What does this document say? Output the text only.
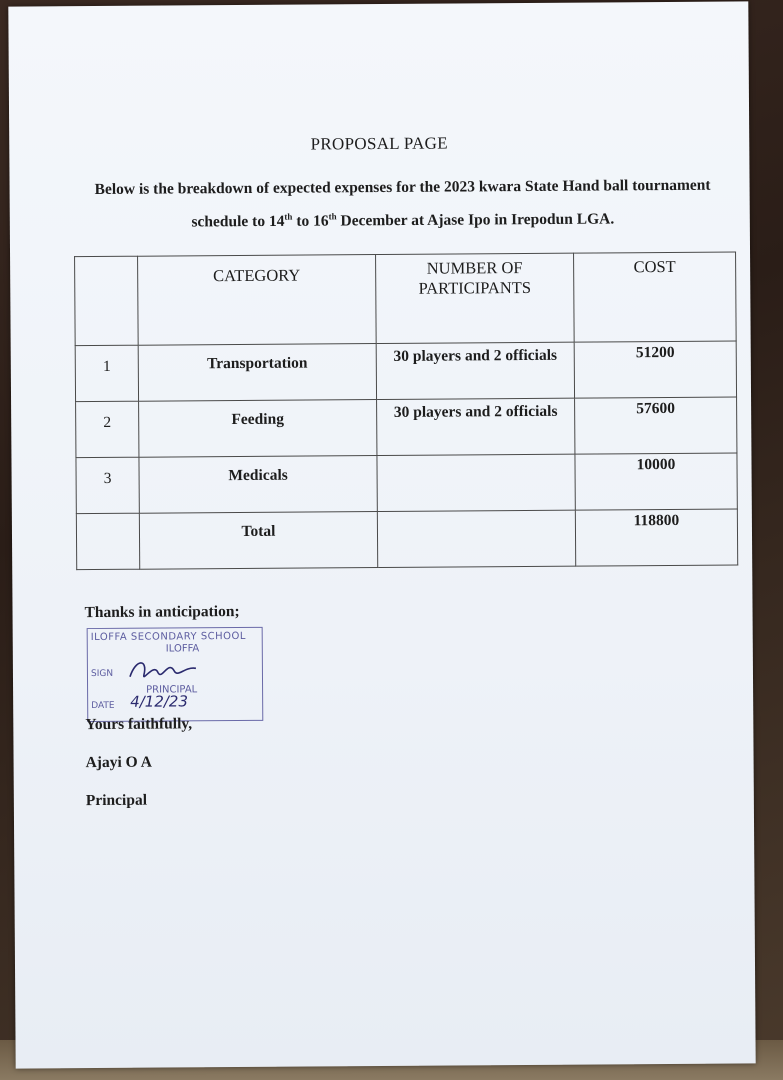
PROPOSAL PAGE
Below is the breakdown of expected expenses for the 2023 kwara State Hand ball tournament schedule to 14th to 16th December at Ajase Ipo in Irepodun LGA.

	CATEGORY	NUMBER OF PARTICIPANTS	COST

1	Transportation	30 players and 2 officials	51200

2	Feeding	30 players and 2 officials	57600

3	Medicals		10000

	Total		118800
Thanks in anticipation;
ILOFFA SECONDARY SCHOOL
ILOFFA
SIGN
PRINCIPAL
DATE 4/12/23
Yours faithfully,
Ajayi O A
Principal
